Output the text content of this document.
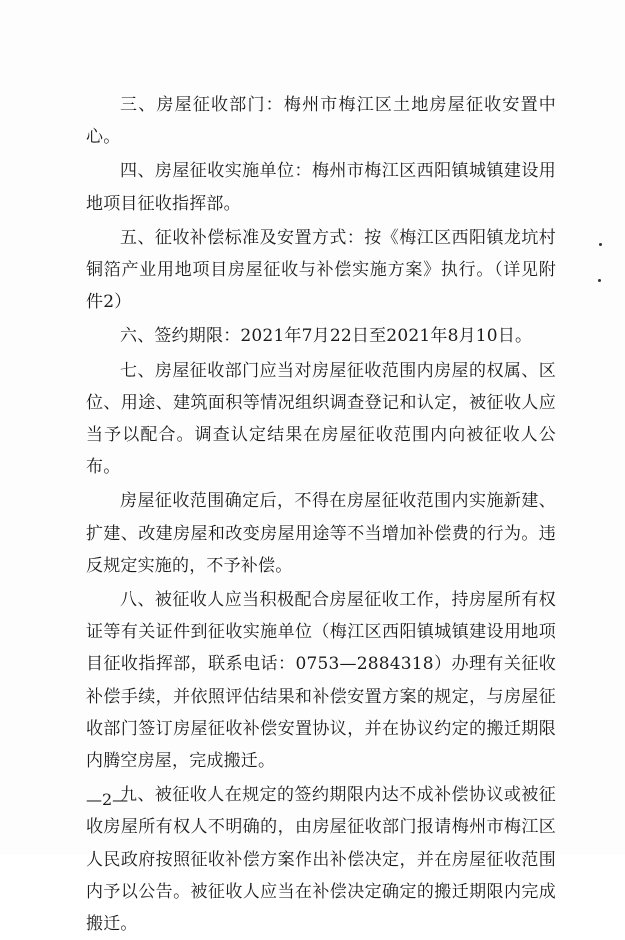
三、房屋征收部门：梅州市梅江区土地房屋征收安置中心。

四、房屋征收实施单位：梅州市梅江区西阳镇城镇建设用地项目征收指挥部。

五、征收补偿标准及安置方式：按《梅江区西阳镇龙坑村铜箔产业用地项目房屋征收与补偿实施方案》执行。（详见附件2）

六、签约期限：2021年7月22日至2021年8月10日。

七、房屋征收部门应当对房屋征收范围内房屋的权属、区位、用途、建筑面积等情况组织调查登记和认定，被征收人应当予以配合。调查认定结果在房屋征收范围内向被征收人公布。

房屋征收范围确定后，不得在房屋征收范围内实施新建、扩建、改建房屋和改变房屋用途等不当增加补偿费的行为。违反规定实施的，不予补偿。

八、被征收人应当积极配合房屋征收工作，持房屋所有权证等有关证件到征收实施单位（梅江区西阳镇城镇建设用地项目征收指挥部，联系电话：0753—2884318）办理有关征收补偿手续，并依照评估结果和补偿安置方案的规定，与房屋征收部门签订房屋征收补偿安置协议，并在协议约定的搬迁期限内腾空房屋，完成搬迁。

九、被征收人在规定的签约期限内达不成补偿协议或被征收房屋所有权人不明确的，由房屋征收部门报请梅州市梅江区人民政府按照征收补偿方案作出补偿决定，并在房屋征收范围内予以公告。被征收人应当在补偿决定确定的搬迁期限内完成搬迁。

—2—
